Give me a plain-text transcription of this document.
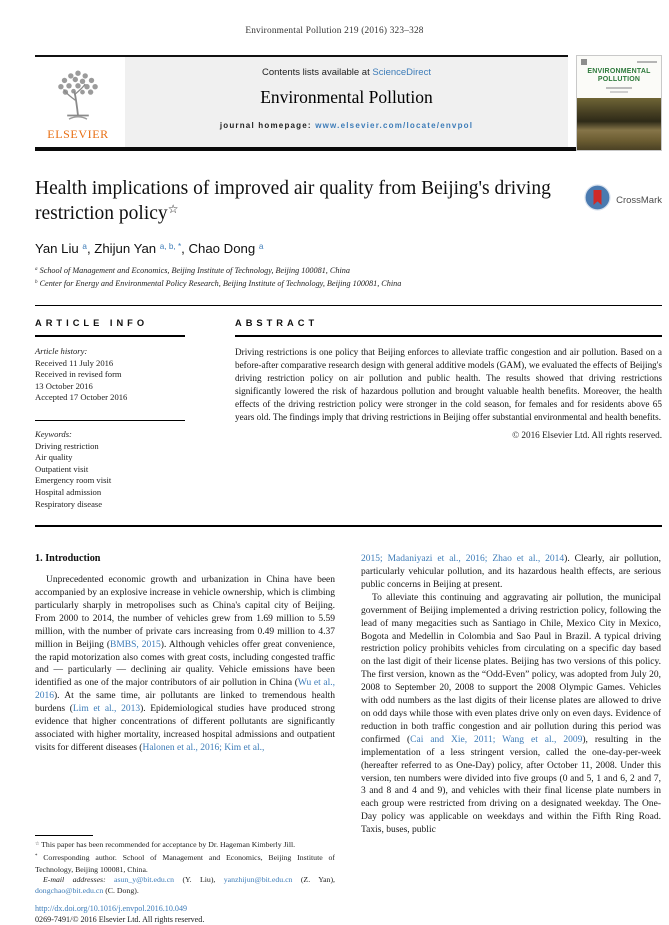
Environmental Pollution 219 (2016) 323–328
ELSEVIER
Contents lists available at ScienceDirect
Environmental Pollution
journal homepage: www.elsevier.com/locate/envpol
ENVIRONMENTAL
POLLUTION
Health implications of improved air quality from Beijing's driving restriction policy☆
CrossMark
Yan Liu $^a$, Zhijun Yan $^{a, b, *}$, Chao Dong $^a$
$^a$ School of Management and Economics, Beijing Institute of Technology, Beijing 100081, China
$^b$ Center for Energy and Environmental Policy Research, Beijing Institute of Technology, Beijing 100081, China
ARTICLE INFO
Article history:
Received 11 July 2016
Received in revised form
13 October 2016
Accepted 17 October 2016
Keywords:
Driving restriction
Air quality
Outpatient visit
Emergency room visit
Hospital admission
Respiratory disease
ABSTRACT
Driving restrictions is one policy that Beijing enforces to alleviate traffic congestion and air pollution. Based on a before-after comparative research design with general additive models (GAM), we evaluated the effects of Beijing's driving restriction policy on air pollution and public health. The results showed that driving restrictions significantly lowered the risk of hazardous pollution and brought valuable health benefits. Moreover, the health effects of the driving restriction policy were stronger in the cold season, for females and for residents above 65 years old. The findings imply that driving restrictions in Beijing offer substantial environmental and health benefits.
© 2016 Elsevier Ltd. All rights reserved.
1. Introduction

Unprecedented economic growth and urbanization in China have been accompanied by an explosive increase in vehicle ownership, which is climbing particularly sharply in metropolises such as China's capital city of Beijing. From 2000 to 2014, the number of vehicles grew from 1.69 million to 5.59 million, with the number of private cars increasing from 0.49 million to 4.37 million in Beijing (BMBS, 2015). Although vehicles offer great convenience, the rapid motorization also comes with great costs, including congested traffic and — particularly — declining air quality. Vehicle emissions have been identified as one of the major contributors of air pollution in China (Wu et al., 2016). At the same time, air pollutants are linked to tremendous health burdens (Lim et al., 2013). Epidemiological studies have produced strong evidence that higher concentrations of different pollutants are significantly associated with higher mortality, increased hospital admissions and outpatient visits for different diseases (Halonen et al., 2016; Kim et al.,

☆ This paper has been recommended for acceptance by Dr. Hageman Kimberly Jill.
* Corresponding author. School of Management and Economics, Beijing Institute of Technology, Beijing 100081, China.
E-mail addresses: asun_y@bit.edu.cn (Y. Liu), yanzhijun@bit.edu.cn (Z. Yan), dongchao@bit.edu.cn (C. Dong).
http://dx.doi.org/10.1016/j.envpol.2016.10.049
0269-7491/© 2016 Elsevier Ltd. All rights reserved.

2015; Madaniyazi et al., 2016; Zhao et al., 2014). Clearly, air pollution, particularly vehicular pollution, and its hazardous health effects, are serious public concerns in Beijing at present.

To alleviate this continuing and aggravating air pollution, the municipal government of Beijing implemented a driving restriction policy, following the lead of many megacities such as Santiago in Chile, Mexico City in Mexico, Bogota and Medellin in Colombia and Sao Paul in Brazil. A typical driving restriction policy prohibits vehicles from circulating on a specific day based on the last digit of their license plates. Beijing has two versions of this policy. The first version, known as the “Odd-Even” policy, was adopted from July 20, 2008 to September 20, 2008 to support the 2008 Olympic Games. Vehicles with odd numbers as the last digits of their license plates are allowed to drive on odd days while those with even plates drive only on even days. Evidence of reduction in both traffic congestion and air pollution during this period was confirmed (Cai and Xie, 2011; Wang et al., 2009), resulting in the implementation of a less stringent version, called the one-day-per-week (hereafter referred to as One-Day) policy, after October 11, 2008. Under this version, ten numbers were divided into five groups (0 and 5, 1 and 6, 2 and 7, 3 and 8 and 4 and 9), and vehicles with their final license plate numbers in each group were restricted from driving on a designated weekday. The One-Day policy was applicable on weekdays and within the Fifth Ring Road. Taxis, buses, public
